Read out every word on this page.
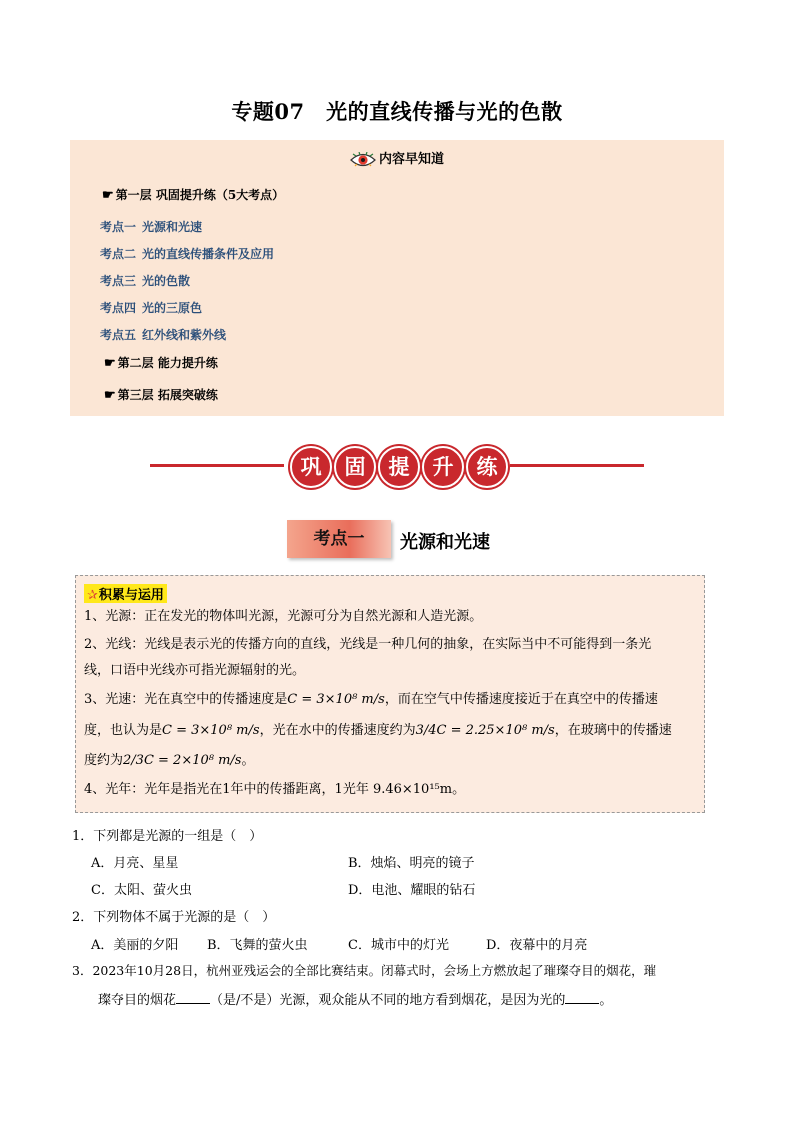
专题07　光的直线传播与光的色散
内容早知道
☛ 第一层 巩固提升练（5大考点）
考点一 光源和光速
考点二 光的直线传播条件及应用
考点三 光的色散
考点四 光的三原色
考点五 红外线和紫外线
☛ 第二层 能力提升练
☛ 第三层 拓展突破练
巩	固	提	升	练
考点一	光源和光速
✰积累与运用
1、光源：正在发光的物体叫光源，光源可分为自然光源和人造光源。
2、光线：光线是表示光的传播方向的直线，光线是一种几何的抽象，在实际当中不可能得到一条光
线，口语中光线亦可指光源辐射的光。
3、光速：光在真空中的传播速度是C = 3×10⁸ m/s，而在空气中传播速度接近于在真空中的传播速
度，也认为是C = 3×10⁸ m/s，光在水中的传播速度约为3/4C = 2.25×10⁸ m/s，在玻璃中的传播速
度约为2/3C = 2×10⁸ m/s。
4、光年：光年是指光在1年中的传播距离，1光年 9.46×10¹⁵m。
1．下列都是光源的一组是（　）
A．月亮、星星	B．烛焰、明亮的镜子
C．太阳、萤火虫	D．电池、耀眼的钻石
2．下列物体不属于光源的是（　）
A．美丽的夕阳 B．飞舞的萤火虫	C．城市中的灯光	D．夜幕中的月亮
3．2023年10月28日，杭州亚残运会的全部比赛结束。闭幕式时，会场上方燃放起了璀璨夺目的烟花，璀
璨夺目的烟花	（是/不是）光源，观众能从不同的地方看到烟花，是因为光的	。
